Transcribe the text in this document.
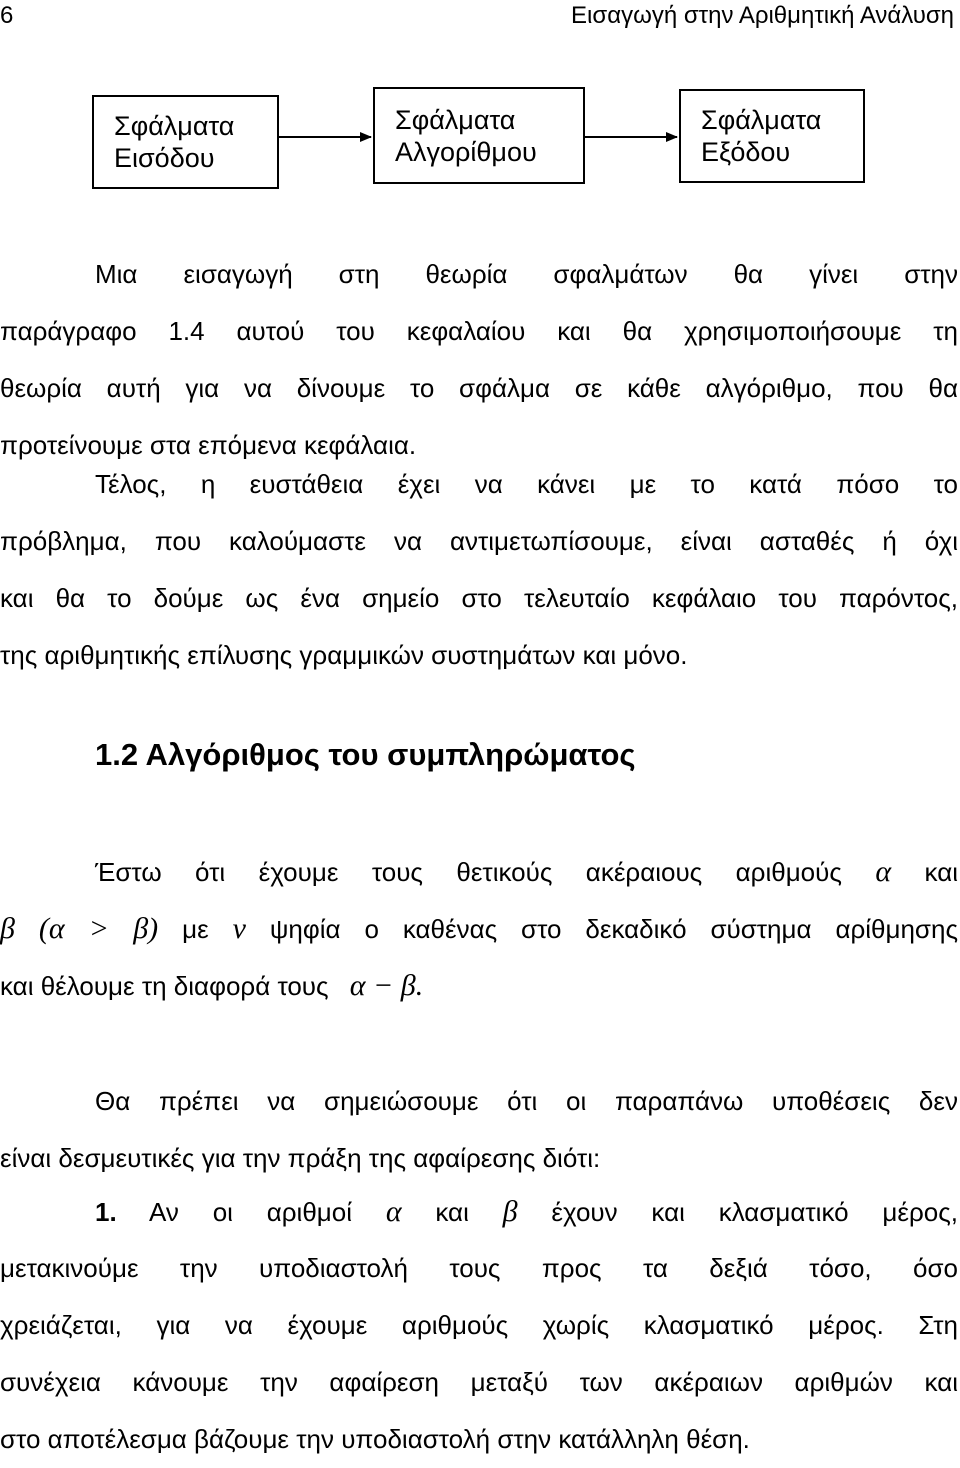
6	Εισαγωγή στην Αριθμητική Ανάλυση
Σφάλματα
Εισόδου
Σφάλματα
Αλγορίθμου
Σφάλματα
Εξόδου
Μια εισαγωγή στη θεωρία σφαλμάτων θα γίνει στην
παράγραφο 1.4 αυτού του κεφαλαίου και θα χρησιμοποιήσουμε τη
θεωρία αυτή για να δίνουμε το σφάλμα σε κάθε αλγόριθμο, που θα
προτείνουμε στα επόμενα κεφάλαια.
Τέλος, η ευστάθεια έχει να κάνει με το κατά πόσο το
πρόβλημα, που καλούμαστε να αντιμετωπίσουμε, είναι ασταθές ή όχι
και θα το δούμε ως ένα σημείο στο τελευταίο κεφάλαιο του παρόντος,
της αριθμητικής επίλυσης γραμμικών συστημάτων και μόνο.
1.2 Αλγόριθμος του συμπληρώματος
Έστω ότι έχουμε τους θετικούς ακέραιους αριθμούς α και
β (α > β) με ν ψηφία ο καθένας στο δεκαδικό σύστημα αρίθμησης
και θέλουμε τη διαφορά τους α − β.
Θα πρέπει να σημειώσουμε ότι οι παραπάνω υποθέσεις δεν
είναι δεσμευτικές για την πράξη της αφαίρεσης διότι:
1. Αν οι αριθμοί α και β έχουν και κλασματικό μέρος,
μετακινούμε την υποδιαστολή τους προς τα δεξιά τόσο, όσο
χρειάζεται, για να έχουμε αριθμούς χωρίς κλασματικό μέρος. Στη
συνέχεια κάνουμε την αφαίρεση μεταξύ των ακέραιων αριθμών και
στο αποτέλεσμα βάζουμε την υποδιαστολή στην κατάλληλη θέση.
